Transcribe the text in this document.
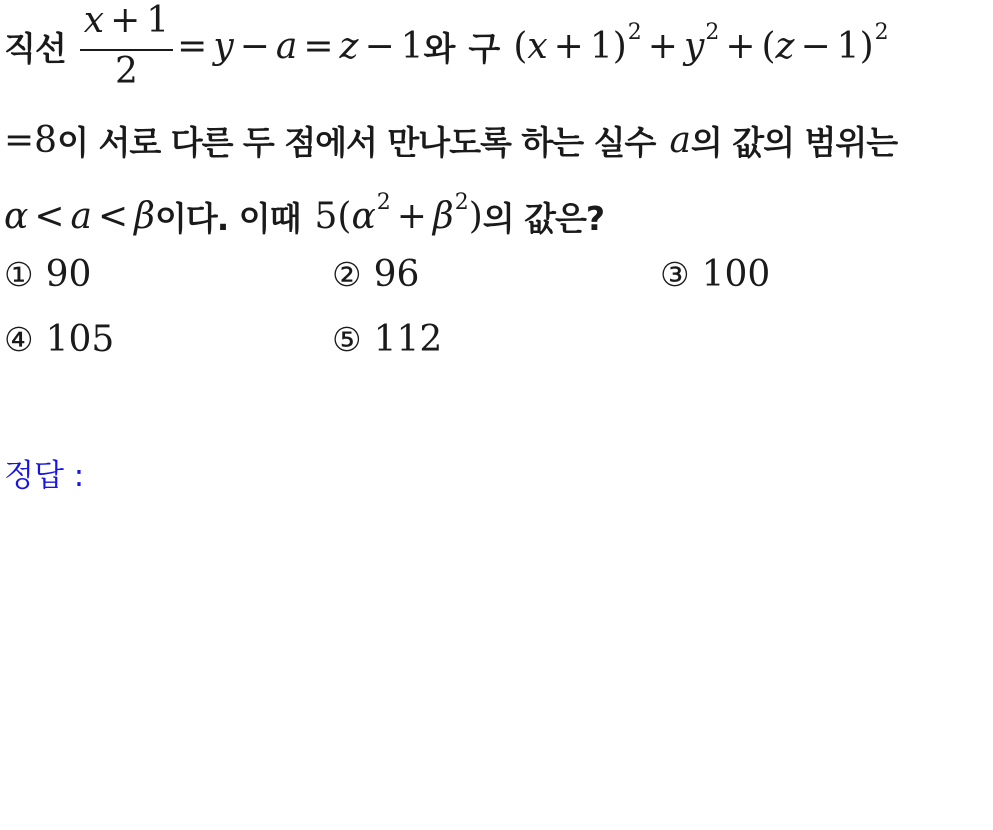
직선 $\frac{x + 1}{2} = y - a = z - 1$ 와 구 ( x + 1 )$^2 + y^2$ + ( z − 1 )$^2$
= 8 이 서로 다른 두 점에서 만나도록 하는 실수 a 의 값의 범위는
α < a < β 이다. 이때 5 ( $\alpha^2 + \beta^2$ ) 의 값은?
① 90	② 96	③ 100
④ 105	⑤ 112
정답 :
